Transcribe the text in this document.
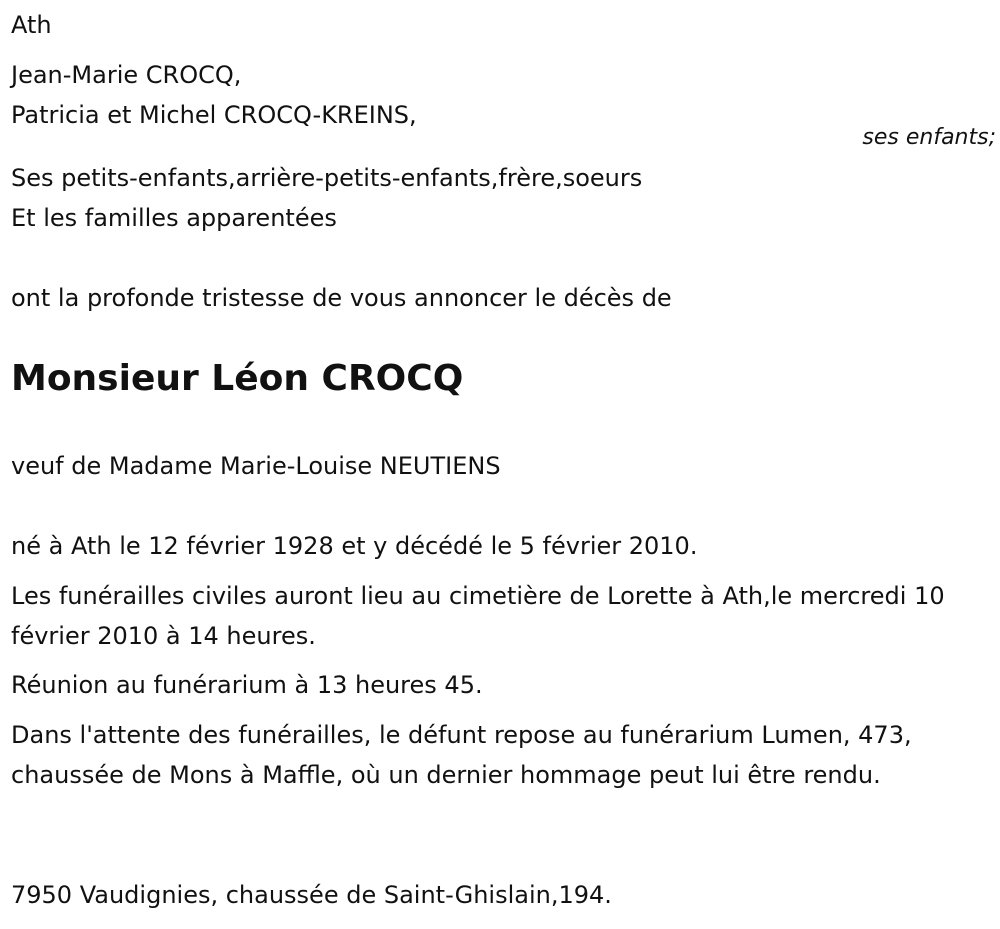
Ath
Jean-Marie CROCQ,
Patricia et Michel CROCQ-KREINS,
ses enfants;
Ses petits-enfants,arrière-petits-enfants,frère,soeurs
Et les familles apparentées
ont la profonde tristesse de vous annoncer le décès de
Monsieur Léon CROCQ
veuf de Madame Marie-Louise NEUTIENS
né à Ath le 12 février 1928 et y décédé le 5 février 2010.
Les funérailles civiles auront lieu au cimetière de Lorette à Ath,le mercredi 10 février 2010 à 14 heures.
Réunion au funérarium à 13 heures 45.
Dans l'attente des funérailles, le défunt repose au funérarium Lumen, 473, chaussée de Mons à Maffle, où un dernier hommage peut lui être rendu.
7950 Vaudignies, chaussée de Saint-Ghislain,194.
